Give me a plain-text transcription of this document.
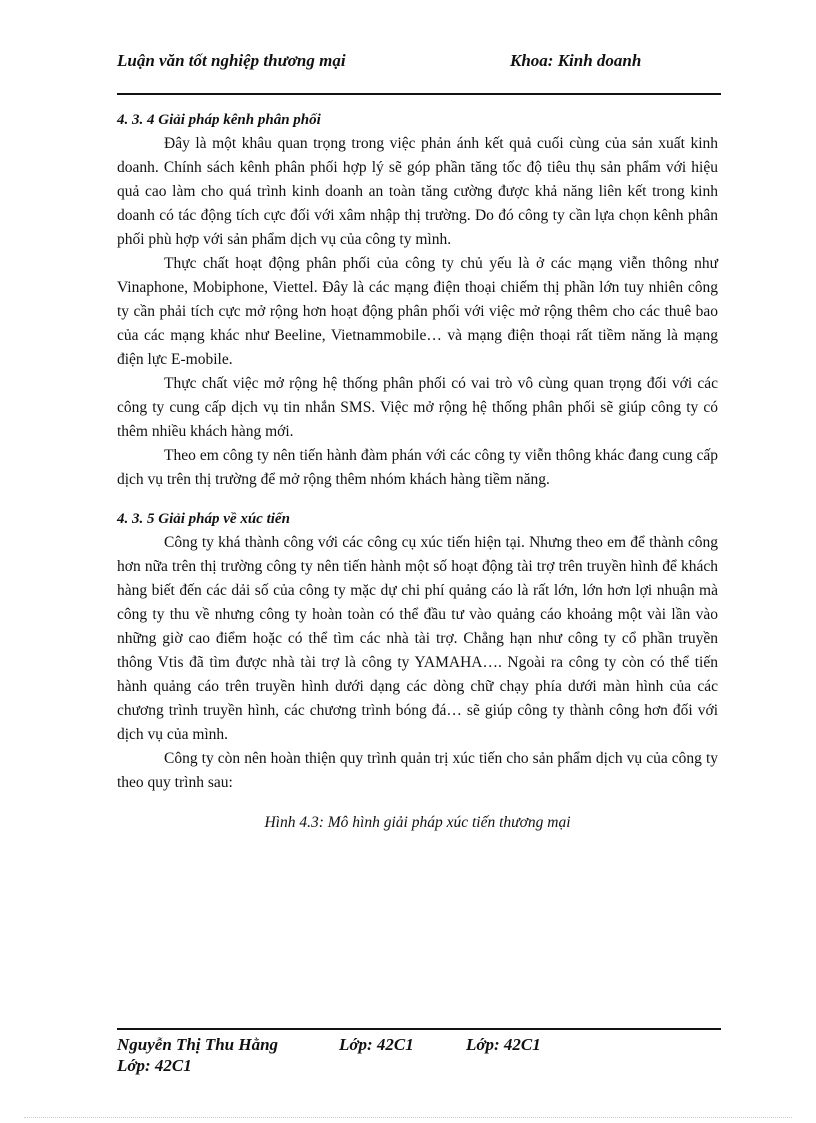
Luận văn tốt nghiệp thương mại	Khoa: Kinh doanh

4. 3. 4 Giải pháp kênh phân phối

Đây là một khâu quan trọng trong việc phản ánh kết quả cuối cùng của sản xuất kinh doanh. Chính sách kênh phân phối hợp lý sẽ góp phần tăng tốc độ tiêu thụ sản phẩm với hiệu quả cao làm cho quá trình kinh doanh an toàn tăng cường được khả năng liên kết trong kinh doanh có tác động tích cực đối với xâm nhập thị trường. Do đó công ty cần lựa chọn kênh phân phối phù hợp với sản phẩm dịch vụ của công ty mình.

Thực chất hoạt động phân phối của công ty chủ yếu là ở các mạng viễn thông như Vinaphone, Mobiphone, Viettel. Đây là các mạng điện thoại chiếm thị phần lớn tuy nhiên công ty cần phải tích cực mở rộng hơn hoạt động phân phối với việc mở rộng thêm cho các thuê bao của các mạng khác như Beeline, Vietnammobile… và mạng điện thoại rất tiềm năng là mạng điện lực E-mobile.

Thực chất việc mở rộng hệ thống phân phối có vai trò vô cùng quan trọng đối với các công ty cung cấp dịch vụ tin nhắn SMS. Việc mở rộng hệ thống phân phối sẽ giúp công ty có thêm nhiều khách hàng mới.

Theo em công ty nên tiến hành đàm phán với các công ty viễn thông khác đang cung cấp dịch vụ trên thị trường để mở rộng thêm nhóm khách hàng tiềm năng.

4. 3. 5 Giải pháp về xúc tiến

Công ty khá thành công với các công cụ xúc tiến hiện tại. Nhưng theo em để thành công hơn nữa trên thị trường công ty nên tiến hành một số hoạt động tài trợ trên truyền hình để khách hàng biết đến các dải số của công ty mặc dự chi phí quảng cáo là rất lớn, lớn hơn lợi nhuận mà công ty thu về nhưng công ty hoàn toàn có thể đầu tư vào quảng cáo khoảng một vài lần vào những giờ cao điểm hoặc có thể tìm các nhà tài trợ. Chẳng hạn như công ty cổ phần truyền thông Vtis đã tìm được nhà tài trợ là công ty YAMAHA…. Ngoài ra công ty còn có thể tiến hành quảng cáo trên truyền hình dưới dạng các dòng chữ chạy phía dưới màn hình của các chương trình truyền hình, các chương trình bóng đá… sẽ giúp công ty thành công hơn đối với dịch vụ của mình.

Công ty còn nên hoàn thiện quy trình quản trị xúc tiến cho sản phẩm dịch vụ của công ty theo quy trình sau:

Hình 4.3: Mô hình giải pháp xúc tiến thương mại

Nguyễn Thị Thu Hằng	Lớp: 42C1	Lớp: 42C1
Lớp: 42C1
